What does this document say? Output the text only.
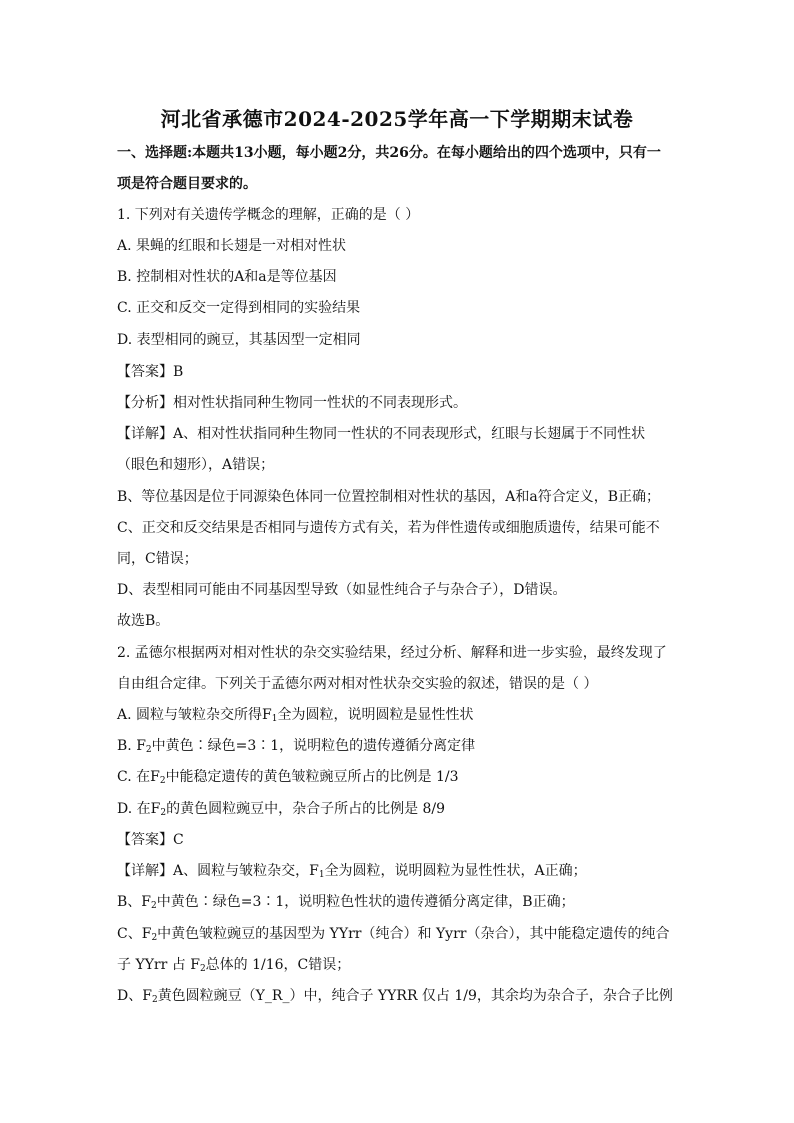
河北省承德市2024-2025学年高一下学期期末试卷
一、选择题:本题共13小题，每小题2分，共26分。在每小题给出的四个选项中，只有一
项是符合题目要求的。
1. 下列对有关遗传学概念的理解，正确的是（ ）
A. 果蝇的红眼和长翅是一对相对性状
B. 控制相对性状的A和a是等位基因
C. 正交和反交一定得到相同的实验结果
D. 表型相同的豌豆，其基因型一定相同
【答案】B
【分析】相对性状指同种生物同一性状的不同表现形式。
【详解】A、相对性状指同种生物同一性状的不同表现形式，红眼与长翅属于不同性状
（眼色和翅形），A错误；
B、等位基因是位于同源染色体同一位置控制相对性状的基因，A和a符合定义，B正确；
C、正交和反交结果是否相同与遗传方式有关，若为伴性遗传或细胞质遗传，结果可能不
同，C错误；
D、表型相同可能由不同基因型导致（如显性纯合子与杂合子），D错误。
故选B。
2. 孟德尔根据两对相对性状的杂交实验结果，经过分析、解释和进一步实验，最终发现了
自由组合定律。下列关于孟德尔两对相对性状杂交实验的叙述，错误的是（ ）
A. 圆粒与皱粒杂交所得$F_1$全为圆粒，说明圆粒是显性性状
B. $F_2$中黄色∶绿色=3∶1，说明粒色的遗传遵循分离定律
C. 在$F_2$中能稳定遗传的黄色皱粒豌豆所占的比例是 1/3
D. 在$F_2$的黄色圆粒豌豆中，杂合子所占的比例是 8/9
【答案】C
【详解】A、圆粒与皱粒杂交，$F_1$全为圆粒，说明圆粒为显性性状，A正确；
B、$F_2$中黄色∶绿色=3∶1，说明粒色性状的遗传遵循分离定律，B正确；
C、$F_2$中黄色皱粒豌豆的基因型为 YYrr（纯合）和 Yyrr（杂合），其中能稳定遗传的纯合
子 YYrr 占 $F_2$总体的 1/16，C错误；
D、$F_2$黄色圆粒豌豆（Y_R_）中，纯合子 YYRR 仅占 1/9，其余均为杂合子，杂合子比例
